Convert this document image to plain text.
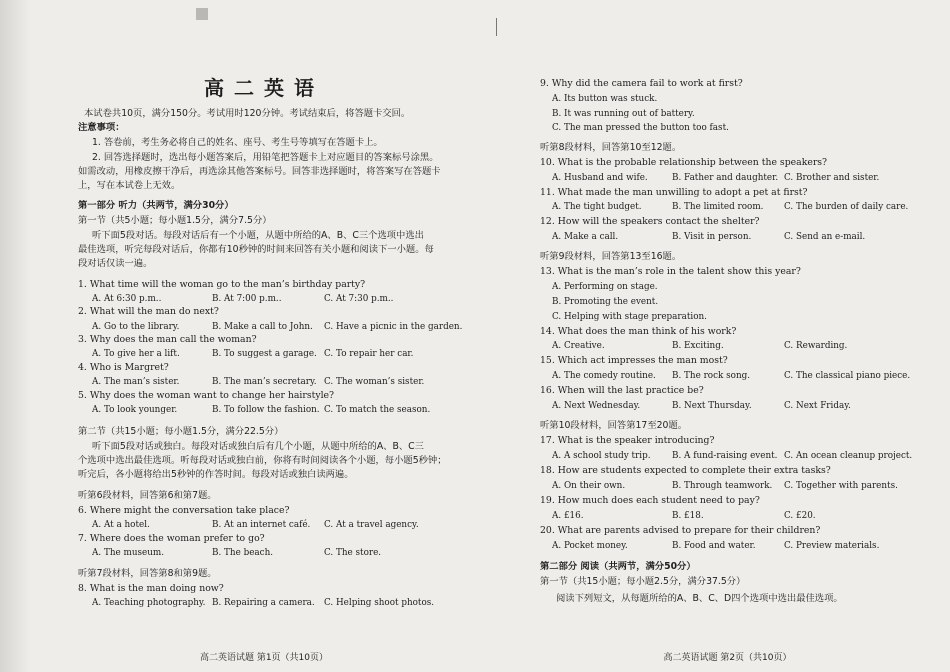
高二英语
本试卷共10页，满分150分。考试用时120分钟。考试结束后，将答题卡交回。
注意事项：
1. 答卷前，考生务必将自己的姓名、座号、考生号等填写在答题卡上。
2. 回答选择题时，选出每小题答案后，用铅笔把答题卡上对应题目的答案标号涂黑。
如需改动，用橡皮擦干净后，再选涂其他答案标号。回答非选择题时，将答案写在答题卡
上，写在本试卷上无效。
第一部分 听力（共两节，满分30分）
第一节（共5小题；每小题1.5分，满分7.5分）
听下面5段对话。每段对话后有一个小题，从题中所给的A、B、C三个选项中选出
最佳选项，听完每段对话后，你都有10秒钟的时间来回答有关小题和阅读下一小题。每
段对话仅读一遍。
1. What time will the woman go to the man’s birthday party?
A. At 6:30 p.m..	B. At 7:00 p.m..	C. At 7:30 p.m..
2. What will the man do next?
A. Go to the library.	B. Make a call to John. C. Have a picnic in the garden.
3. Why does the man call the woman?
A. To give her a lift.	B. To suggest a garage. C. To repair her car.
4. Who is Margret?
A. The man’s sister.	B. The man’s secretary. C. The woman’s sister.
5. Why does the woman want to change her hairstyle?
A. To look younger.	B. To follow the fashion. C. To match the season.
第二节（共15小题；每小题1.5分，满分22.5分）
听下面5段对话或独白。每段对话或独白后有几个小题，从题中所给的A、B、C三
个选项中选出最佳选项。听每段对话或独白前，你将有时间阅读各个小题，每小题5秒钟；
听完后，各小题将给出5秒钟的作答时间。每段对话或独白读两遍。
听第6段材料，回答第6和第7题。
6. Where might the conversation take place?
A. At a hotel.	B. At an internet café. C. At a travel agency.
7. Where does the woman prefer to go?
A. The museum.	B. The beach.	C. The store.
听第7段材料，回答第8和第9题。
8. What is the man doing now?
A. Teaching photography. B. Repairing a camera. C. Helping shoot photos.
高二英语试题 第1页（共10页）
9. Why did the camera fail to work at first?
A. Its button was stuck.
B. It was running out of battery.
C. The man pressed the button too fast.
听第8段材料，回答第10至12题。
10. What is the probable relationship between the speakers?
A. Husband and wife.	B. Father and daughter. C. Brother and sister.
11. What made the man unwilling to adopt a pet at first?
A. The tight budget.	B. The limited room. C. The burden of daily care.
12. How will the speakers contact the shelter?
A. Make a call.	B. Visit in person.	C. Send an e-mail.
听第9段材料，回答第13至16题。
13. What is the man’s role in the talent show this year?
A. Performing on stage.
B. Promoting the event.
C. Helping with stage preparation.
14. What does the man think of his work?
A. Creative.	B. Exciting.	C. Rewarding.
15. Which act impresses the man most?
A. The comedy routine. B. The rock song.	C. The classical piano piece.
16. When will the last practice be?
A. Next Wednesday.	B. Next Thursday.	C. Next Friday.
听第10段材料，回答第17至20题。
17. What is the speaker introducing?
A. A school study trip. B. A fund-raising event. C. An ocean cleanup project.
18. How are students expected to complete their extra tasks?
A. On their own.	B. Through teamwork. C. Together with parents.
19. How much does each student need to pay?
A. £16.	B. £18.	C. £20.
20. What are parents advised to prepare for their children?
A. Pocket money.	B. Food and water.	C. Preview materials.
第二部分 阅读（共两节，满分50分）
第一节（共15小题；每小题2.5分，满分37.5分）
阅读下列短文，从每题所给的A、B、C、D四个选项中选出最佳选项。
高二英语试题 第2页（共10页）
